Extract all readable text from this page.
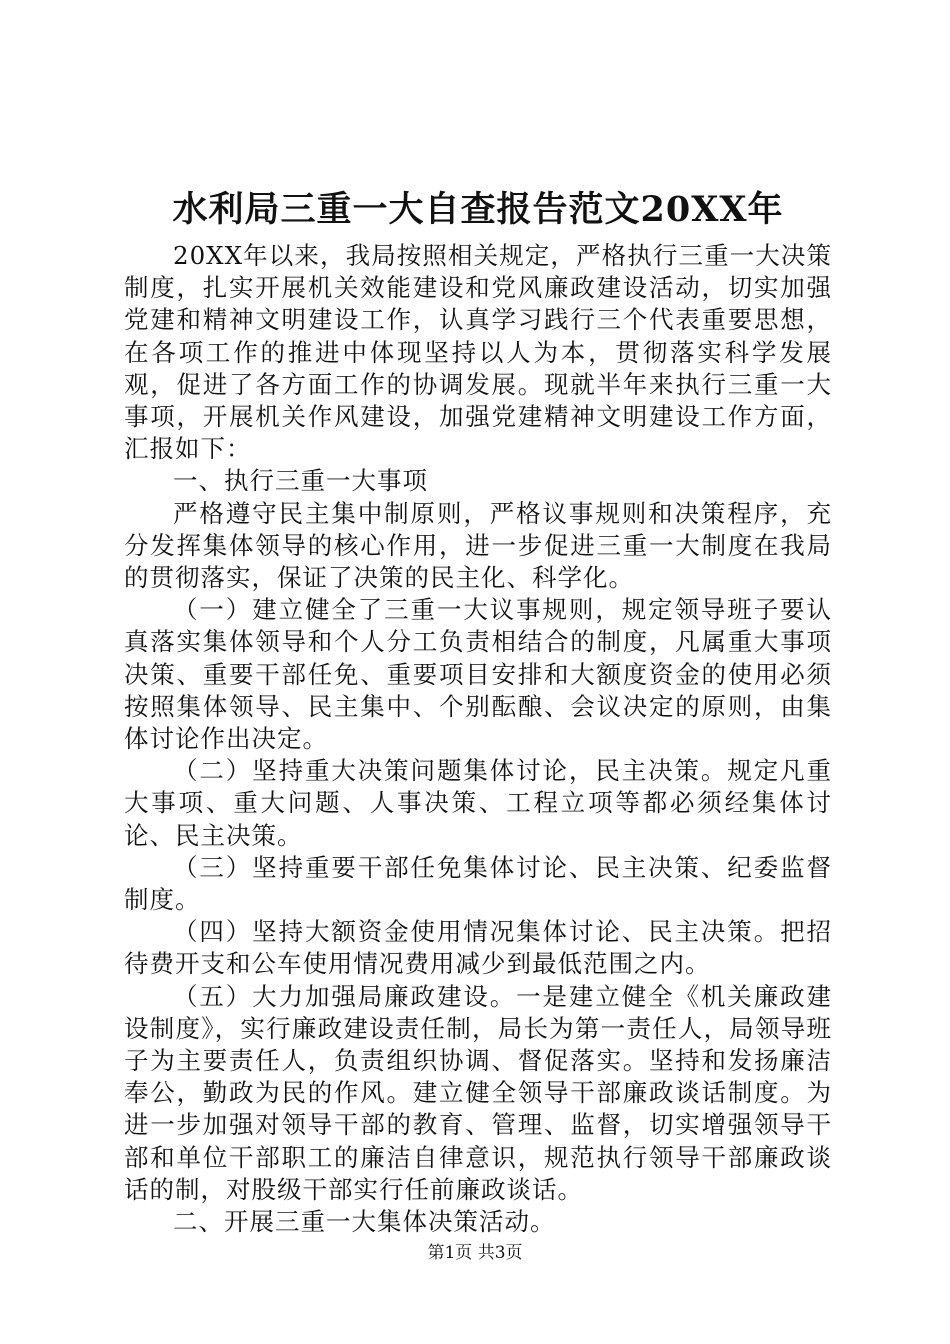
水利局三重一大自查报告范文20XX年

20XX年以来，我局按照相关规定，严格执行三重一大决策制度，扎实开展机关效能建设和党风廉政建设活动，切实加强党建和精神文明建设工作，认真学习践行三个代表重要思想，在各项工作的推进中体现坚持以人为本，贯彻落实科学发展观，促进了各方面工作的协调发展。现就半年来执行三重一大事项，开展机关作风建设，加强党建精神文明建设工作方面，汇报如下：

一、执行三重一大事项

严格遵守民主集中制原则，严格议事规则和决策程序，充分发挥集体领导的核心作用，进一步促进三重一大制度在我局的贯彻落实，保证了决策的民主化、科学化。

（一）建立健全了三重一大议事规则，规定领导班子要认真落实集体领导和个人分工负责相结合的制度，凡属重大事项决策、重要干部任免、重要项目安排和大额度资金的使用必须按照集体领导、民主集中、个别酝酿、会议决定的原则，由集体讨论作出决定。

（二）坚持重大决策问题集体讨论，民主决策。规定凡重大事项、重大问题、人事决策、工程立项等都必须经集体讨论、民主决策。

（三）坚持重要干部任免集体讨论、民主决策、纪委监督制度。

（四）坚持大额资金使用情况集体讨论、民主决策。把招待费开支和公车使用情况费用减少到最低范围之内。

（五）大力加强局廉政建设。一是建立健全《机关廉政建设制度》，实行廉政建设责任制，局长为第一责任人，局领导班子为主要责任人，负责组织协调、督促落实。坚持和发扬廉洁奉公，勤政为民的作风。建立健全领导干部廉政谈话制度。为进一步加强对领导干部的教育、管理、监督，切实增强领导干部和单位干部职工的廉洁自律意识，规范执行领导干部廉政谈话的制，对股级干部实行任前廉政谈话。

二、开展三重一大集体决策活动。

第1页 共3页
